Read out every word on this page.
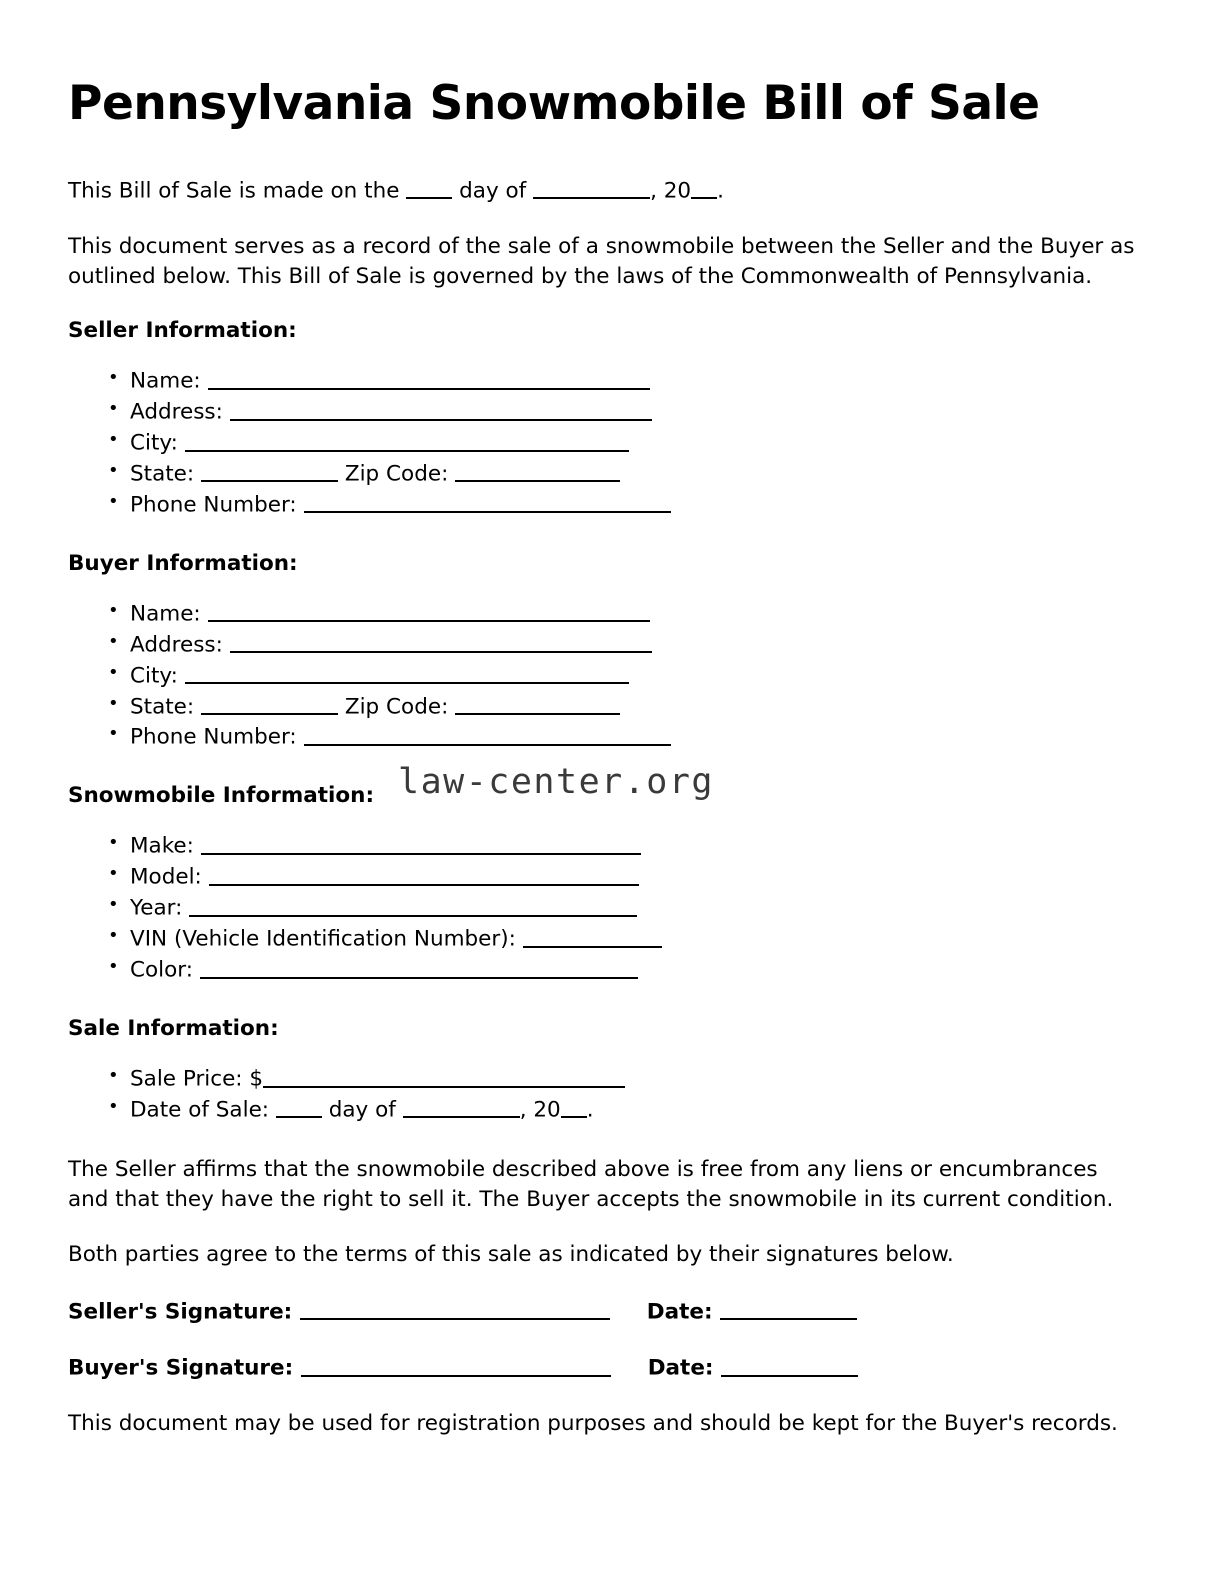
Pennsylvania Snowmobile Bill of Sale

This Bill of Sale is made on the	day of	, 20 .

This document serves as a record of the sale of a snowmobile between the Seller and the Buyer as outlined below. This Bill of Sale is governed by the laws of the Commonwealth of Pennsylvania.

Seller Information:
• Name:
• Address:
• City:
• State:	Zip Code:
• Phone Number:
Buyer Information:
• Name:
• Address:
• City:
• State:	Zip Code:
• Phone Number:
Snowmobile Information:
• Make:
• Model:
• Year:
• VIN (Vehicle Identification Number):
• Color:
Sale Information:
• Sale Price: $
• Date of Sale:	day of	, 20 .

The Seller affirms that the snowmobile described above is free from any liens or encumbrances and that they have the right to sell it. The Buyer accepts the snowmobile in its current condition.

Both parties agree to the terms of this sale as indicated by their signatures below.

Seller's Signature:	Date:
Buyer's Signature:	Date:

This document may be used for registration purposes and should be kept for the Buyer's records.

law-center.org
